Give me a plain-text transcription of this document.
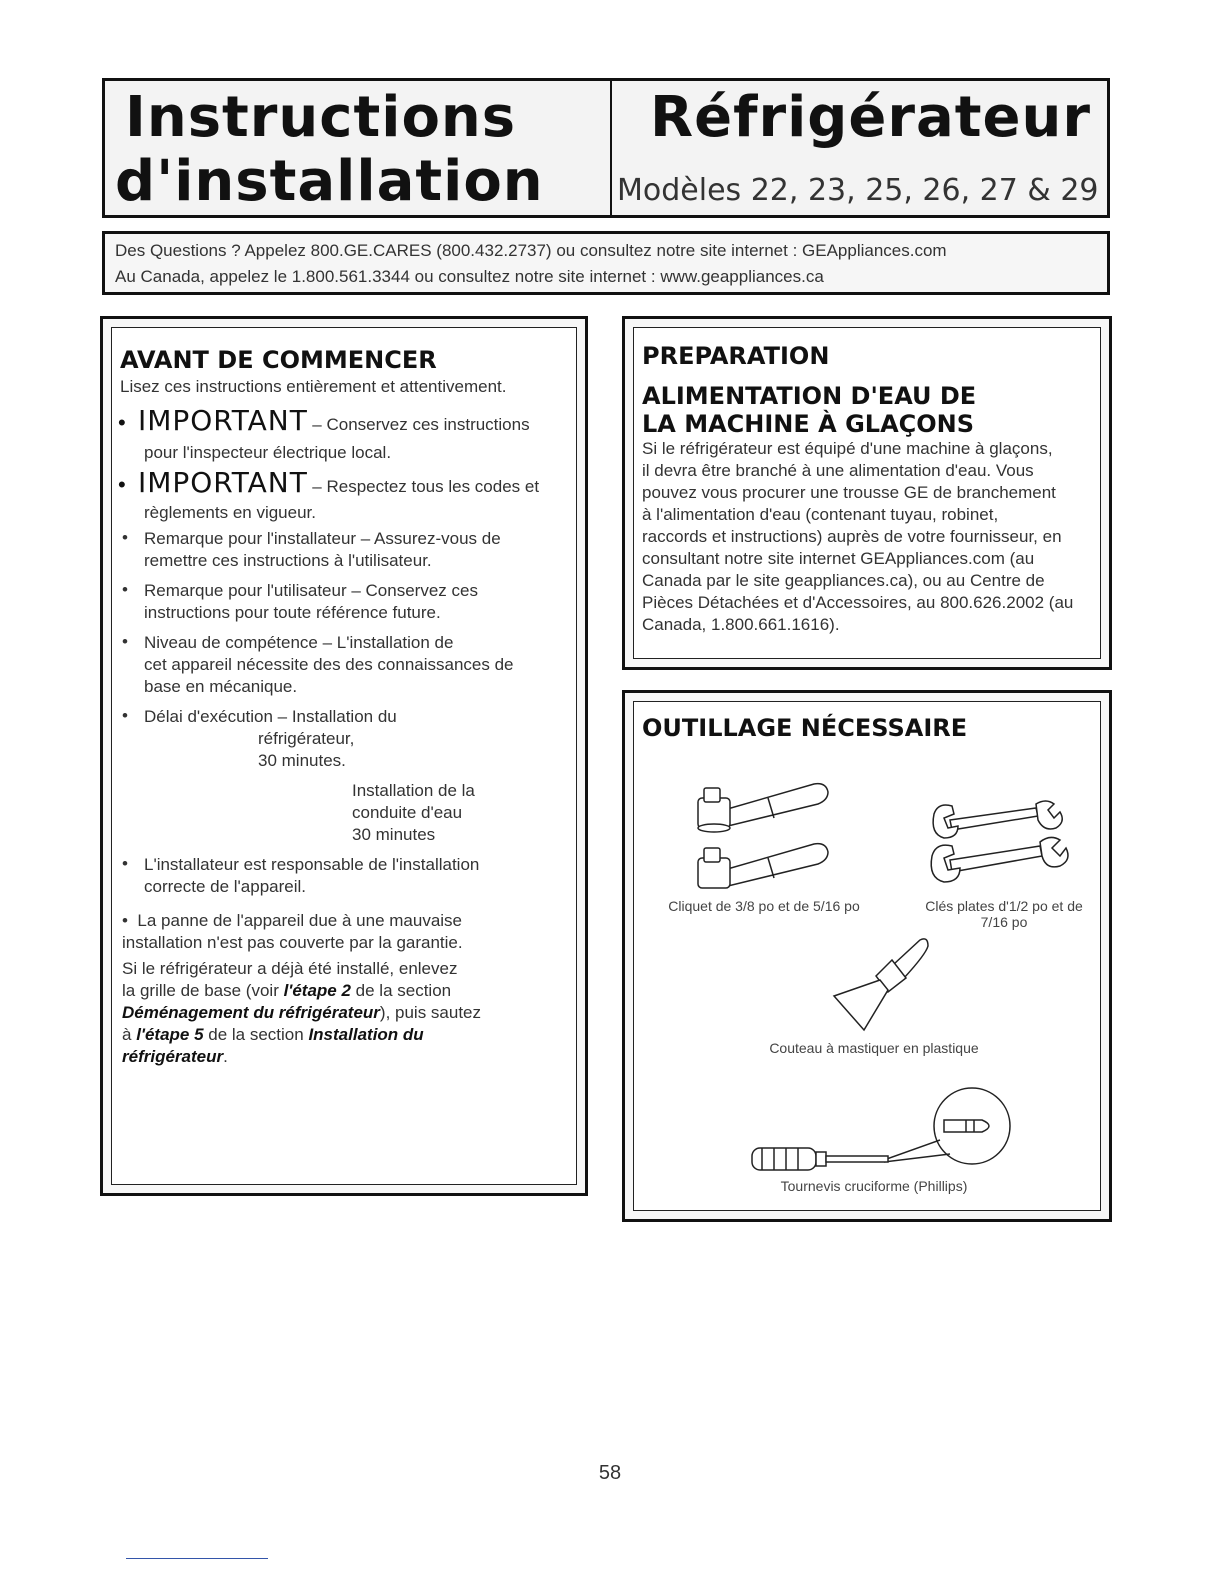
Instructions
d'installation
Réfrigérateur
Modèles 22, 23, 25, 26, 27 & 29
Des Questions ? Appelez 800.GE.CARES (800.432.2737) ou consultez notre site internet : GEAppliances.com
Au Canada, appelez le 1.800.561.3344 ou consultez notre site internet : www.geappliances.ca
AVANT DE COMMENCER
Lisez ces instructions entièrement et attentivement.
•  IMPORTANT – Conservez ces instructions
pour l'inspecteur électrique local.
•  IMPORTANT – Respectez tous les codes et
règlements en vigueur.
• Remarque pour l'installateur – Assurez-vous de
remettre ces instructions à l'utilisateur.
• Remarque pour l'utilisateur – Conservez ces
instructions pour toute référence future.
• Niveau de compétence – L'installation de
cet appareil nécessite des des connaissances de
base en mécanique.
• Délai d'exécution – Installation du
réfrigérateur,
30 minutes.
Installation de la
conduite d'eau
30 minutes
• L'installateur est responsable de l'installation
correcte de l'appareil.
•  La panne de l'appareil due à une mauvaise
installation n'est pas couverte par la garantie.
Si le réfrigérateur a déjà été installé, enlevez
la grille de base (voir l'étape 2 de la section
Déménagement du réfrigérateur), puis sautez
à l'étape 5 de la section Installation du
réfrigérateur.
PREPARATION
ALIMENTATION D'EAU DE
LA MACHINE À GLAÇONS
Si le réfrigérateur est équipé d'une machine à glaçons,
il devra être branché à une alimentation d'eau. Vous
pouvez vous procurer une trousse GE de branchement
à l'alimentation d'eau (contenant tuyau, robinet,
raccords et instructions) auprès de votre fournisseur, en
consultant notre site internet GEAppliances.com (au
Canada par le site geappliances.ca), ou au Centre de
Pièces Détachées et d'Accessoires, au 800.626.2002 (au
Canada, 1.800.661.1616).
OUTILLAGE NÉCESSAIRE
Cliquet de 3/8 po et de 5/16 po	Clés plates d'1/2 po et de
7/16 po
Couteau à mastiquer en plastique
Tournevis cruciforme (Phillips)
58
